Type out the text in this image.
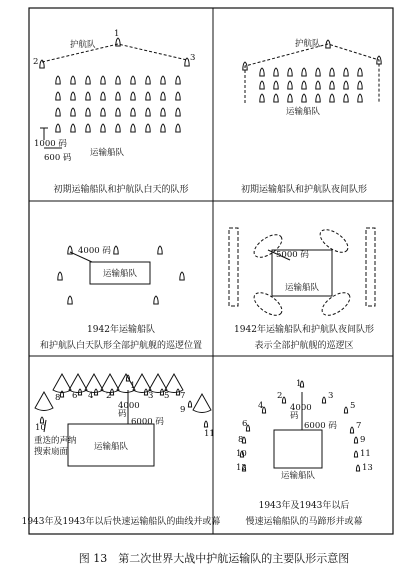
护航队
1
2	3
1000 码
600 码 运输船队
初期运输船队和护航队白天的队形
护航队
运输船队
初期运输船队和护航队夜间队形
运输船队
4000 码
1942年运输船队
和护航队白天队形全部护航舰的巡逻位置
运输船队
5000 码
1942年运输船队和护航队夜间队形
表示全部护航舰的巡逻区
1
2	3
4	5
6	7
8
9
10
11
运输船队
4000
码
6000 码
重迭的声纳
搜索扇面
1943年及1943年以后快速运输船队的曲线并或幕
运输船队
4000
码
6000 码
1
2	3
4	5
6	7
8	9
10	11
12	13
1943年及1943年以后
慢速运输船队的马蹄形并或幕
图 13　第二次世界大战中护航运输队的主要队形示意图
